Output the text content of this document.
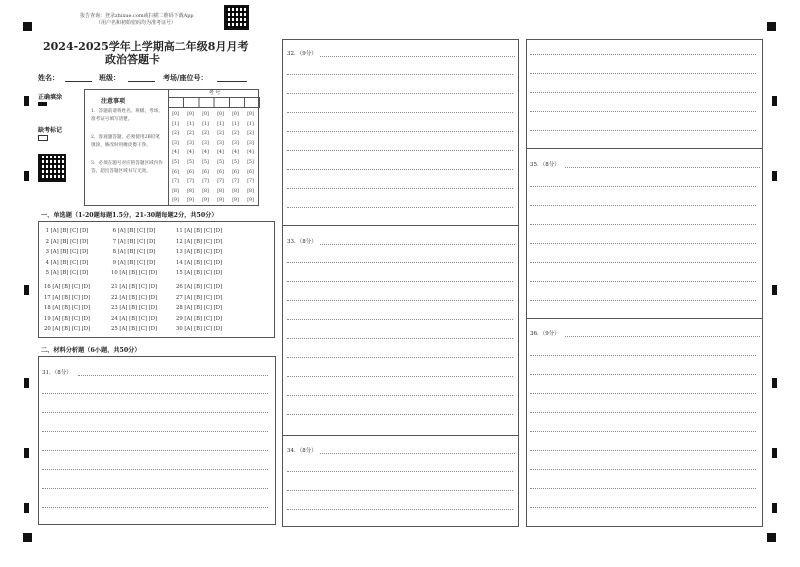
报告查询：登录zhixue.com或扫描二维码下载App
（用户名和初始密码均为准考证号）
2024-2025学年上学期高二年级8月月考
政治答题卡
姓名：	班级：	考场/座位号：
正确填涂
缺考标记
注意事项
1．答题前请将姓名、班级、考场、准考证号填写清楚。
2．客观题答题，必须使用2B铅笔填涂，修改时用橡皮擦干净。
3．必须在题号对应的答题区域内作答，超出答题区域书写无效。
考 号
[0]
[1]
[2]
[3]
[4]
[5]
[6]
[7]
[8]
[9]
[0]
[1]
[2]
[3]
[4]
[5]
[6]
[7]
[8]
[9]
[0]
[1]
[2]
[3]
[4]
[5]
[6]
[7]
[8]
[9]
[0]
[1]
[2]
[3]
[4]
[5]
[6]
[7]
[8]
[9]
[0]
[1]
[2]
[3]
[4]
[5]
[6]
[7]
[8]
[9]
[0]
[1]
[2]
[3]
[4]
[5]
[6]
[7]
[8]
[9]
一、单选题（1-20题每题1.5分，21-30题每题2分，共50分）
1 [A] [B] [C] [D]
2 [A] [B] [C] [D]
3 [A] [B] [C] [D]
4 [A] [B] [C] [D]
5 [A] [B] [C] [D]
6 [A] [B] [C] [D]
7 [A] [B] [C] [D]
8 [A] [B] [C] [D]
9 [A] [B] [C] [D]
10 [A] [B] [C] [D]
11 [A] [B] [C] [D]
12 [A] [B] [C] [D]
13 [A] [B] [C] [D]
14 [A] [B] [C] [D]
15 [A] [B] [C] [D]
16 [A] [B] [C] [D]
17 [A] [B] [C] [D]
18 [A] [B] [C] [D]
19 [A] [B] [C] [D]
20 [A] [B] [C] [D]
21 [A] [B] [C] [D]
22 [A] [B] [C] [D]
23 [A] [B] [C] [D]
24 [A] [B] [C] [D]
25 [A] [B] [C] [D]
26 [A] [B] [C] [D]
27 [A] [B] [C] [D]
28 [A] [B] [C] [D]
29 [A] [B] [C] [D]
30 [A] [B] [C] [D]
二、材料分析题（6小题，共50分）
31．（8分）
32．（9分）
33．（8分）
34．（8分）
35．（8分）
36．（9分）
